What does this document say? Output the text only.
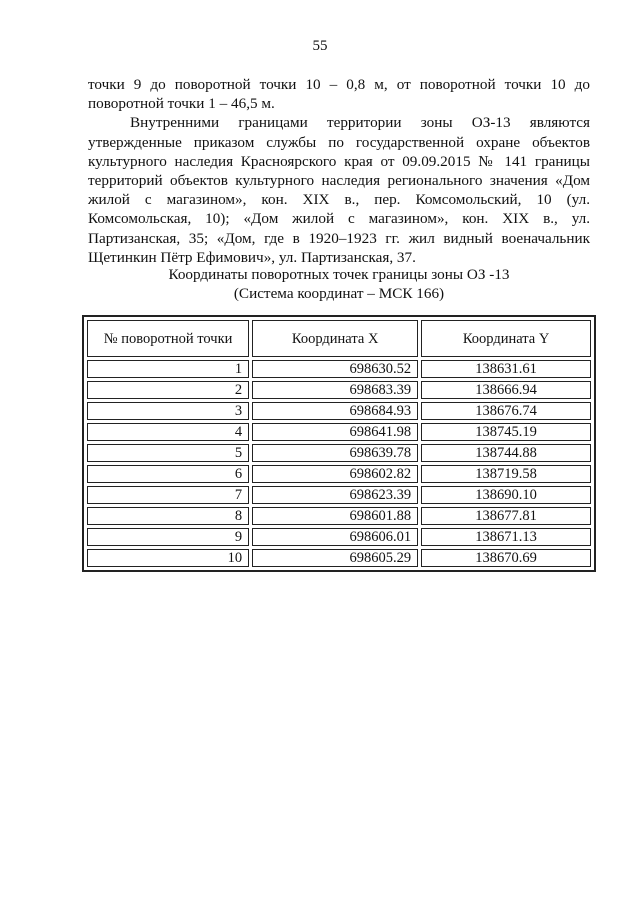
55

точки 9 до поворотной точки 10 – 0,8 м, от поворотной точки 10 до поворотной точки 1 – 46,5 м.

Внутренними границами территории зоны ОЗ-13 являются утвержденные приказом службы по государственной охране объектов культурного наследия Красноярского края от 09.09.2015 № 141 границы территорий объектов культурного наследия регионального значения «Дом жилой с магазином», кон. XIX в., пер. Комсомольский, 10 (ул. Комсомольская, 10); «Дом жилой с магазином», кон. XIX в., ул. Партизанская, 35; «Дом, где в 1920–1923 гг. жил видный военачальник Щетинкин Пётр Ефимович», ул. Партизанская, 37.

Координаты поворотных точек границы зоны ОЗ -13
(Система координат – МСК 166)
№ поворотной точки	Координата X	Координата Y
1	698630.52	138631.61
2	698683.39	138666.94
3	698684.93	138676.74
4	698641.98	138745.19
5	698639.78	138744.88
6	698602.82	138719.58
7	698623.39	138690.10
8	698601.88	138677.81
9	698606.01	138671.13
10	698605.29	138670.69
